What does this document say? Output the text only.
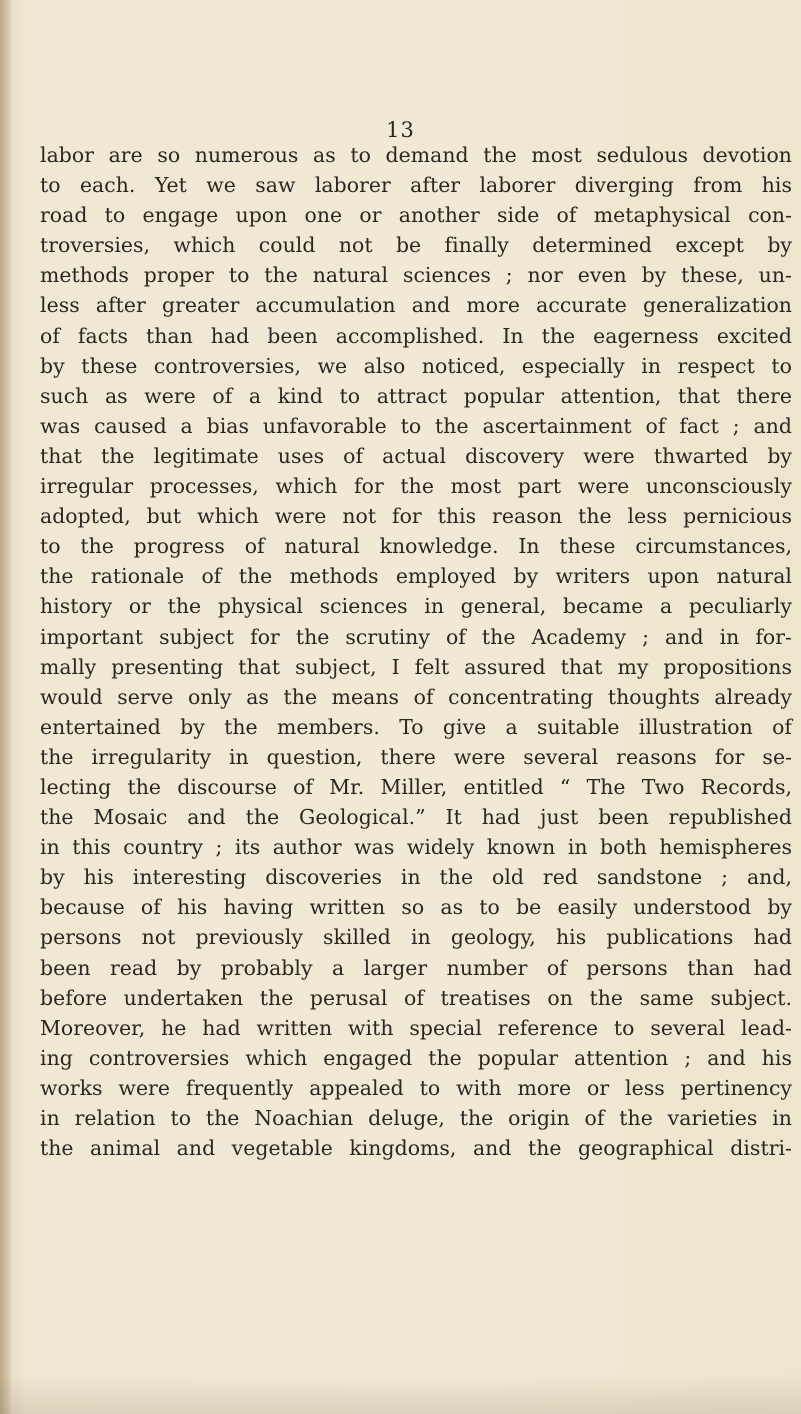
13
labor are so numerous as to demand the most sedulous devotion
to each. Yet we saw laborer after laborer diverging from his
road to engage upon one or another side of metaphysical con-
troversies, which could not be finally determined except by
methods proper to the natural sciences ; nor even by these, un-
less after greater accumulation and more accurate generalization
of facts than had been accomplished. In the eagerness excited
by these controversies, we also noticed, especially in respect to
such as were of a kind to attract popular attention, that there
was caused a bias unfavorable to the ascertainment of fact ; and
that the legitimate uses of actual discovery were thwarted by
irregular processes, which for the most part were unconsciously
adopted, but which were not for this reason the less pernicious
to the progress of natural knowledge. In these circumstances,
the rationale of the methods employed by writers upon natural
history or the physical sciences in general, became a peculiarly
important subject for the scrutiny of the Academy ; and in for-
mally presenting that subject, I felt assured that my propositions
would serve only as the means of concentrating thoughts already
entertained by the members. To give a suitable illustration of
the irregularity in question, there were several reasons for se-
lecting the discourse of Mr. Miller, entitled “ The Two Records,
the Mosaic and the Geological.” It had just been republished
in this country ; its author was widely known in both hemispheres
by his interesting discoveries in the old red sandstone ; and,
because of his having written so as to be easily understood by
persons not previously skilled in geology, his publications had
been read by probably a larger number of persons than had
before undertaken the perusal of treatises on the same subject.
Moreover, he had written with special reference to several lead-
ing controversies which engaged the popular attention ; and his
works were frequently appealed to with more or less pertinency
in relation to the Noachian deluge, the origin of the varieties in
the animal and vegetable kingdoms, and the geographical distri-
